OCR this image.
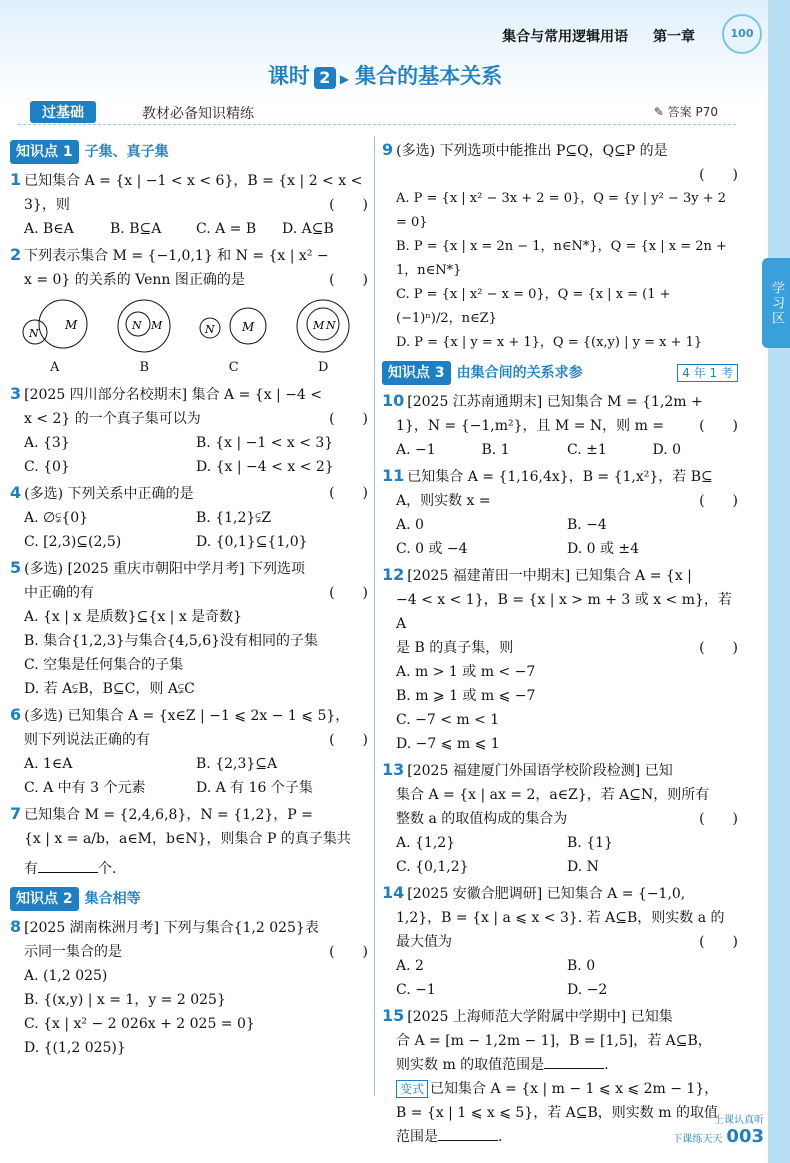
学习区
集合与常用逻辑用语 第一章	100
课时 2 ▶ 集合的基本关系
过基础	教材必备知识精练	✎ 答案 P70
知识点 1 子集、真子集
1 已知集合 A = {x | −1 < x < 6}，B = {x | 2 < x <
3}，则	(　　)
A. B∈A	B. B⊆A	C. A = B	D. A⊆B
2 下列表示集合 M = {−1,0,1} 和 N = {x | x² −
x = 0} 的关系的 Venn 图正确的是	(　　)
M
N
A
N M
B
N M
C
M N
D
3 [2025 四川部分名校期末] 集合 A = {x | −4 <
x < 2} 的一个真子集可以为	(　　)
A. {3}	B. {x | −1 < x < 3}
C. {0}	D. {x | −4 < x < 2}
4 (多选) 下列关系中正确的是	(　　)
A. ∅⫋{0}	B. {1,2}⫋Z
C. [2,3)⊆(2,5)	D. {0,1}⊆{1,0}
5 (多选) [2025 重庆市朝阳中学月考] 下列选项
中正确的有	(　　)
A. {x | x 是质数}⊆{x | x 是奇数}
B. 集合{1,2,3}与集合{4,5,6}没有相同的子集
C. 空集是任何集合的子集
D. 若 A⫋B，B⊆C，则 A⫋C
6 (多选) 已知集合 A = {x∈Z | −1 ⩽ 2x − 1 ⩽ 5}，
则下列说法正确的有	(　　)
A. 1∈A	B. {2,3}⊆A
C. A 中有 3 个元素	D. A 有 16 个子集
7 已知集合 M = {2,4,6,8}，N = {1,2}，P =
{x | x = a/b，a∈M，b∈N}，则集合 P 的真子集共
有	个.
知识点 2 集合相等
8 [2025 湖南株洲月考] 下列与集合{1,2 025}表
示同一集合的是	(　　)
A. (1,2 025)
B. {(x,y) | x = 1，y = 2 025}
C. {x | x² − 2 026x + 2 025 = 0}
D. {(1,2 025)}
9 (多选) 下列选项中能推出 P⊆Q，Q⊆P 的是
(　　)
A. P = {x | x² − 3x + 2 = 0}，Q = {y | y² − 3y + 2 = 0}
B. P = {x | x = 2n − 1，n∈N*}，Q = {x | x = 2n + 1，n∈N*}
C. P = {x | x² − x = 0}，Q = {x | x = (1 + (−1)ⁿ)/2，n∈Z}
D. P = {x | y = x + 1}，Q = {(x,y) | y = x + 1}
知识点 3 由集合间的关系求参	4 年 1 考
10 [2025 江苏南通期末] 已知集合 M = {1,2m +
1}，N = {−1,m²}，且 M = N，则 m =	(　　)
A. −1	B. 1	C. ±1	D. 0
11 已知集合 A = {1,16,4x}，B = {1,x²}，若 B⊆
A，则实数 x =	(　　)
A. 0	B. −4
C. 0 或 −4	D. 0 或 ±4
12 [2025 福建莆田一中期末] 已知集合 A = {x |
−4 < x < 1}，B = {x | x > m + 3 或 x < m}，若 A
是 B 的真子集，则	(　　)
A. m > 1 或 m < −7
B. m ⩾ 1 或 m ⩽ −7
C. −7 < m < 1
D. −7 ⩽ m ⩽ 1
13 [2025 福建厦门外国语学校阶段检测] 已知
集合 A = {x | ax = 2，a∈Z}，若 A⊆N，则所有
整数 a 的取值构成的集合为	(　　)
A. {1,2}	B. {1}
C. {0,1,2}	D. N
14 [2025 安徽合肥调研] 已知集合 A = {−1,0,
1,2}，B = {x | a ⩽ x < 3}. 若 A⊆B，则实数 a 的
最大值为	(　　)
A. 2	B. 0
C. −1	D. −2
15 [2025 上海师范大学附属中学期中] 已知集
合 A = [m − 1,2m − 1]，B = [1,5]，若 A⊆B，
则实数 m 的取值范围是	.
变式 已知集合 A = {x | m − 1 ⩽ x ⩽ 2m − 1}，
B = {x | 1 ⩽ x ⩽ 5}，若 A⊆B，则实数 m 的取值
范围是	.
上课认真听
下课练天天 003
